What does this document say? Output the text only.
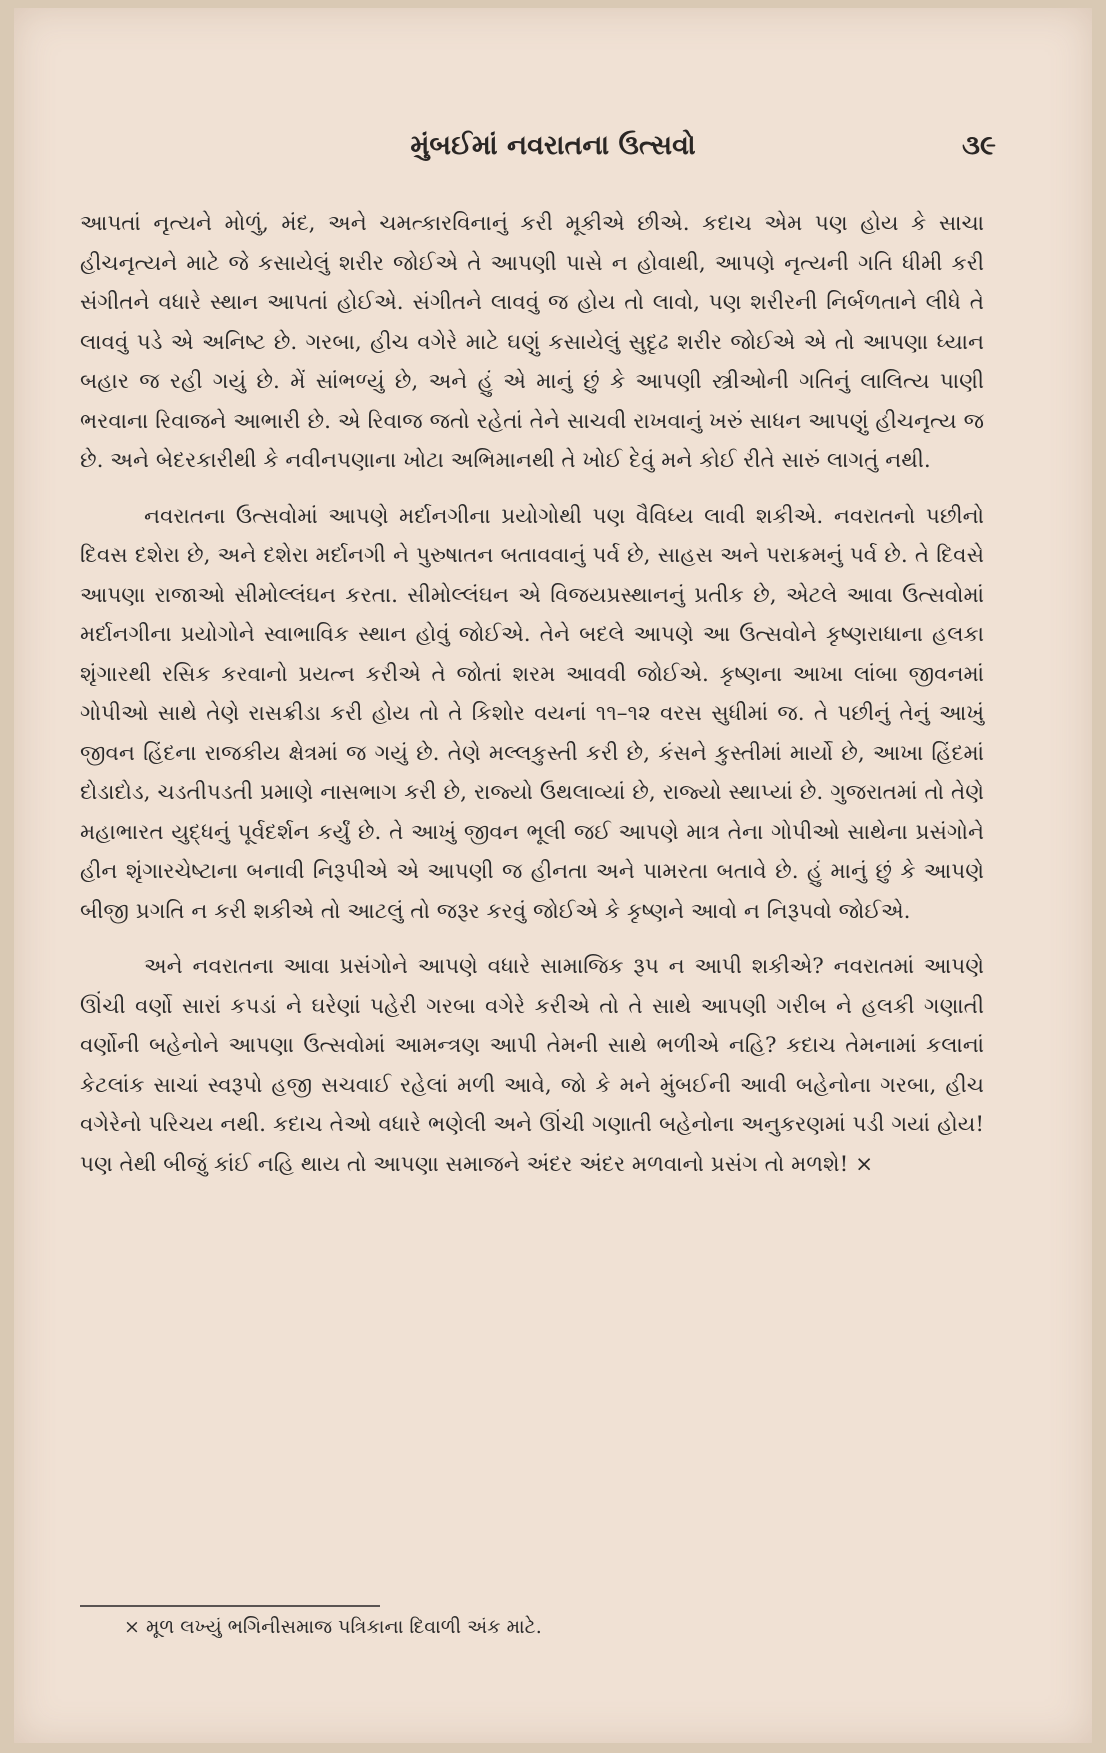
મુંબઈમાં નવરાતના ઉત્સવો	૩૯

આપતાં નૃત્યને મોળું, મંદ, અને ચમત્કારવિનાનું કરી મૂકીએ છીએ. કદાચ એમ પણ હોય કે સાચા હીચનૃત્યને માટે જે કસાયેલું શરીર જોઈએ તે આપણી પાસે ન હોવાથી, આપણે નૃત્યની ગતિ ધીમી કરી સંગીતને વધારે સ્થાન આપતાં હોઈએ. સંગીતને લાવવું જ હોય તો લાવો, પણ શરીરની નિર્બળતાને લીધે તે લાવવું પડે એ અનિષ્ટ છે. ગરબા, હીચ વગેરે માટે ઘણું કસાયેલું સુદૃઢ શરીર જોઈએ એ તો આપણા ધ્યાન બહાર જ રહી ગયું છે. મેં સાંભળ્યું છે, અને હું એ માનું છું કે આપણી સ્ત્રીઓની ગતિનું લાલિત્ય પાણી ભરવાના રિવાજને આભારી છે. એ રિવાજ જતો રહેતાં તેને સાચવી રાખવાનું ખરું સાધન આપણું હીચનૃત્ય જ છે. અને બેદરકારીથી કે નવીનપણાના ખોટા અભિમાનથી તે ખોઈ દેવું મને કોઈ રીતે સારું લાગતું નથી.

નવરાતના ઉત્સવોમાં આપણે મર્દાનગીના પ્રયોગોથી પણ વૈવિધ્ય લાવી શકીએ. નવરાતનો પછીનો દિવસ દશેરા છે, અને દશેરા મર્દાનગી ને પુરુષાતન બતાવવાનું પર્વ છે, સાહસ અને પરાક્રમનું પર્વ છે. તે દિવસે આપણા રાજાઓ સીમોલ્લંઘન કરતા. સીમોલ્લંઘન એ વિજયપ્રસ્થાનનું પ્રતીક છે, એટલે આવા ઉત્સવોમાં મર્દાનગીના પ્રયોગોને સ્વાભાવિક સ્થાન હોવું જોઈએ. તેને બદલે આપણે આ ઉત્સવોને કૃષ્ણરાધાના હલકા શૃંગારથી રસિક કરવાનો પ્રયત્ન કરીએ તે જોતાં શરમ આવવી જોઈએ. કૃષ્ણના આખા લાંબા જીવનમાં ગોપીઓ સાથે તેણે રાસક્રીડા કરી હોય તો તે કિશોર વયનાં ૧૧–૧૨ વરસ સુધીમાં જ. તે પછીનું તેનું આખું જીવન હિંદના રાજકીય ક્ષેત્રમાં જ ગયું છે. તેણે મલ્લકુસ્તી કરી છે, કંસને કુસ્તીમાં માર્યો છે, આખા હિંદમાં દોડાદોડ, ચડતીપડતી પ્રમાણે નાસભાગ કરી છે, રાજ્યો ઉથલાવ્યાં છે, રાજ્યો સ્થાપ્યાં છે. ગુજરાતમાં તો તેણે મહાભારત યુદ્ધનું પૂર્વદર્શન કર્યું છે. તે આખું જીવન ભૂલી જઈ આપણે માત્ર તેના ગોપીઓ સાથેના પ્રસંગોને હીન શૃંગારચેષ્ટાના બનાવી નિરૂપીએ એ આપણી જ હીનતા અને પામરતા બતાવે છે. હું માનું છું કે આપણે બીજી પ્રગતિ ન કરી શકીએ તો આટલું તો જરૂર કરવું જોઈએ કે કૃષ્ણને આવો ન નિરૂપવો જોઈએ.

અને નવરાતના આવા પ્રસંગોને આપણે વધારે સામાજિક રૂપ ન આપી શકીએ? નવરાતમાં આપણે ઊંચી વર્ણો સારાં કપડાં ને ઘરેણાં પહેરી ગરબા વગેરે કરીએ તો તે સાથે આપણી ગરીબ ને હલકી ગણાતી વર્ણોની બહેનોને આપણા ઉત્સવોમાં આમન્ત્રણ આપી તેમની સાથે ભળીએ નહિ? કદાચ તેમનામાં કલાનાં કેટલાંક સાચાં સ્વરૂપો હજી સચવાઈ રહેલાં મળી આવે, જો કે મને મુંબઈની આવી બહેનોના ગરબા, હીચ વગેરેનો પરિચય નથી. કદાચ તેઓ વધારે ભણેલી અને ઊંચી ગણાતી બહેનોના અનુકરણમાં પડી ગયાં હોય! પણ તેથી બીજું કાંઈ નહિ થાય તો આપણા સમાજને અંદર અંદર મળવાનો પ્રસંગ તો મળશે! ×

× મૂળ લખ્યું ભગિનીસમાજ પત્રિકાના દિવાળી અંક માટે.
